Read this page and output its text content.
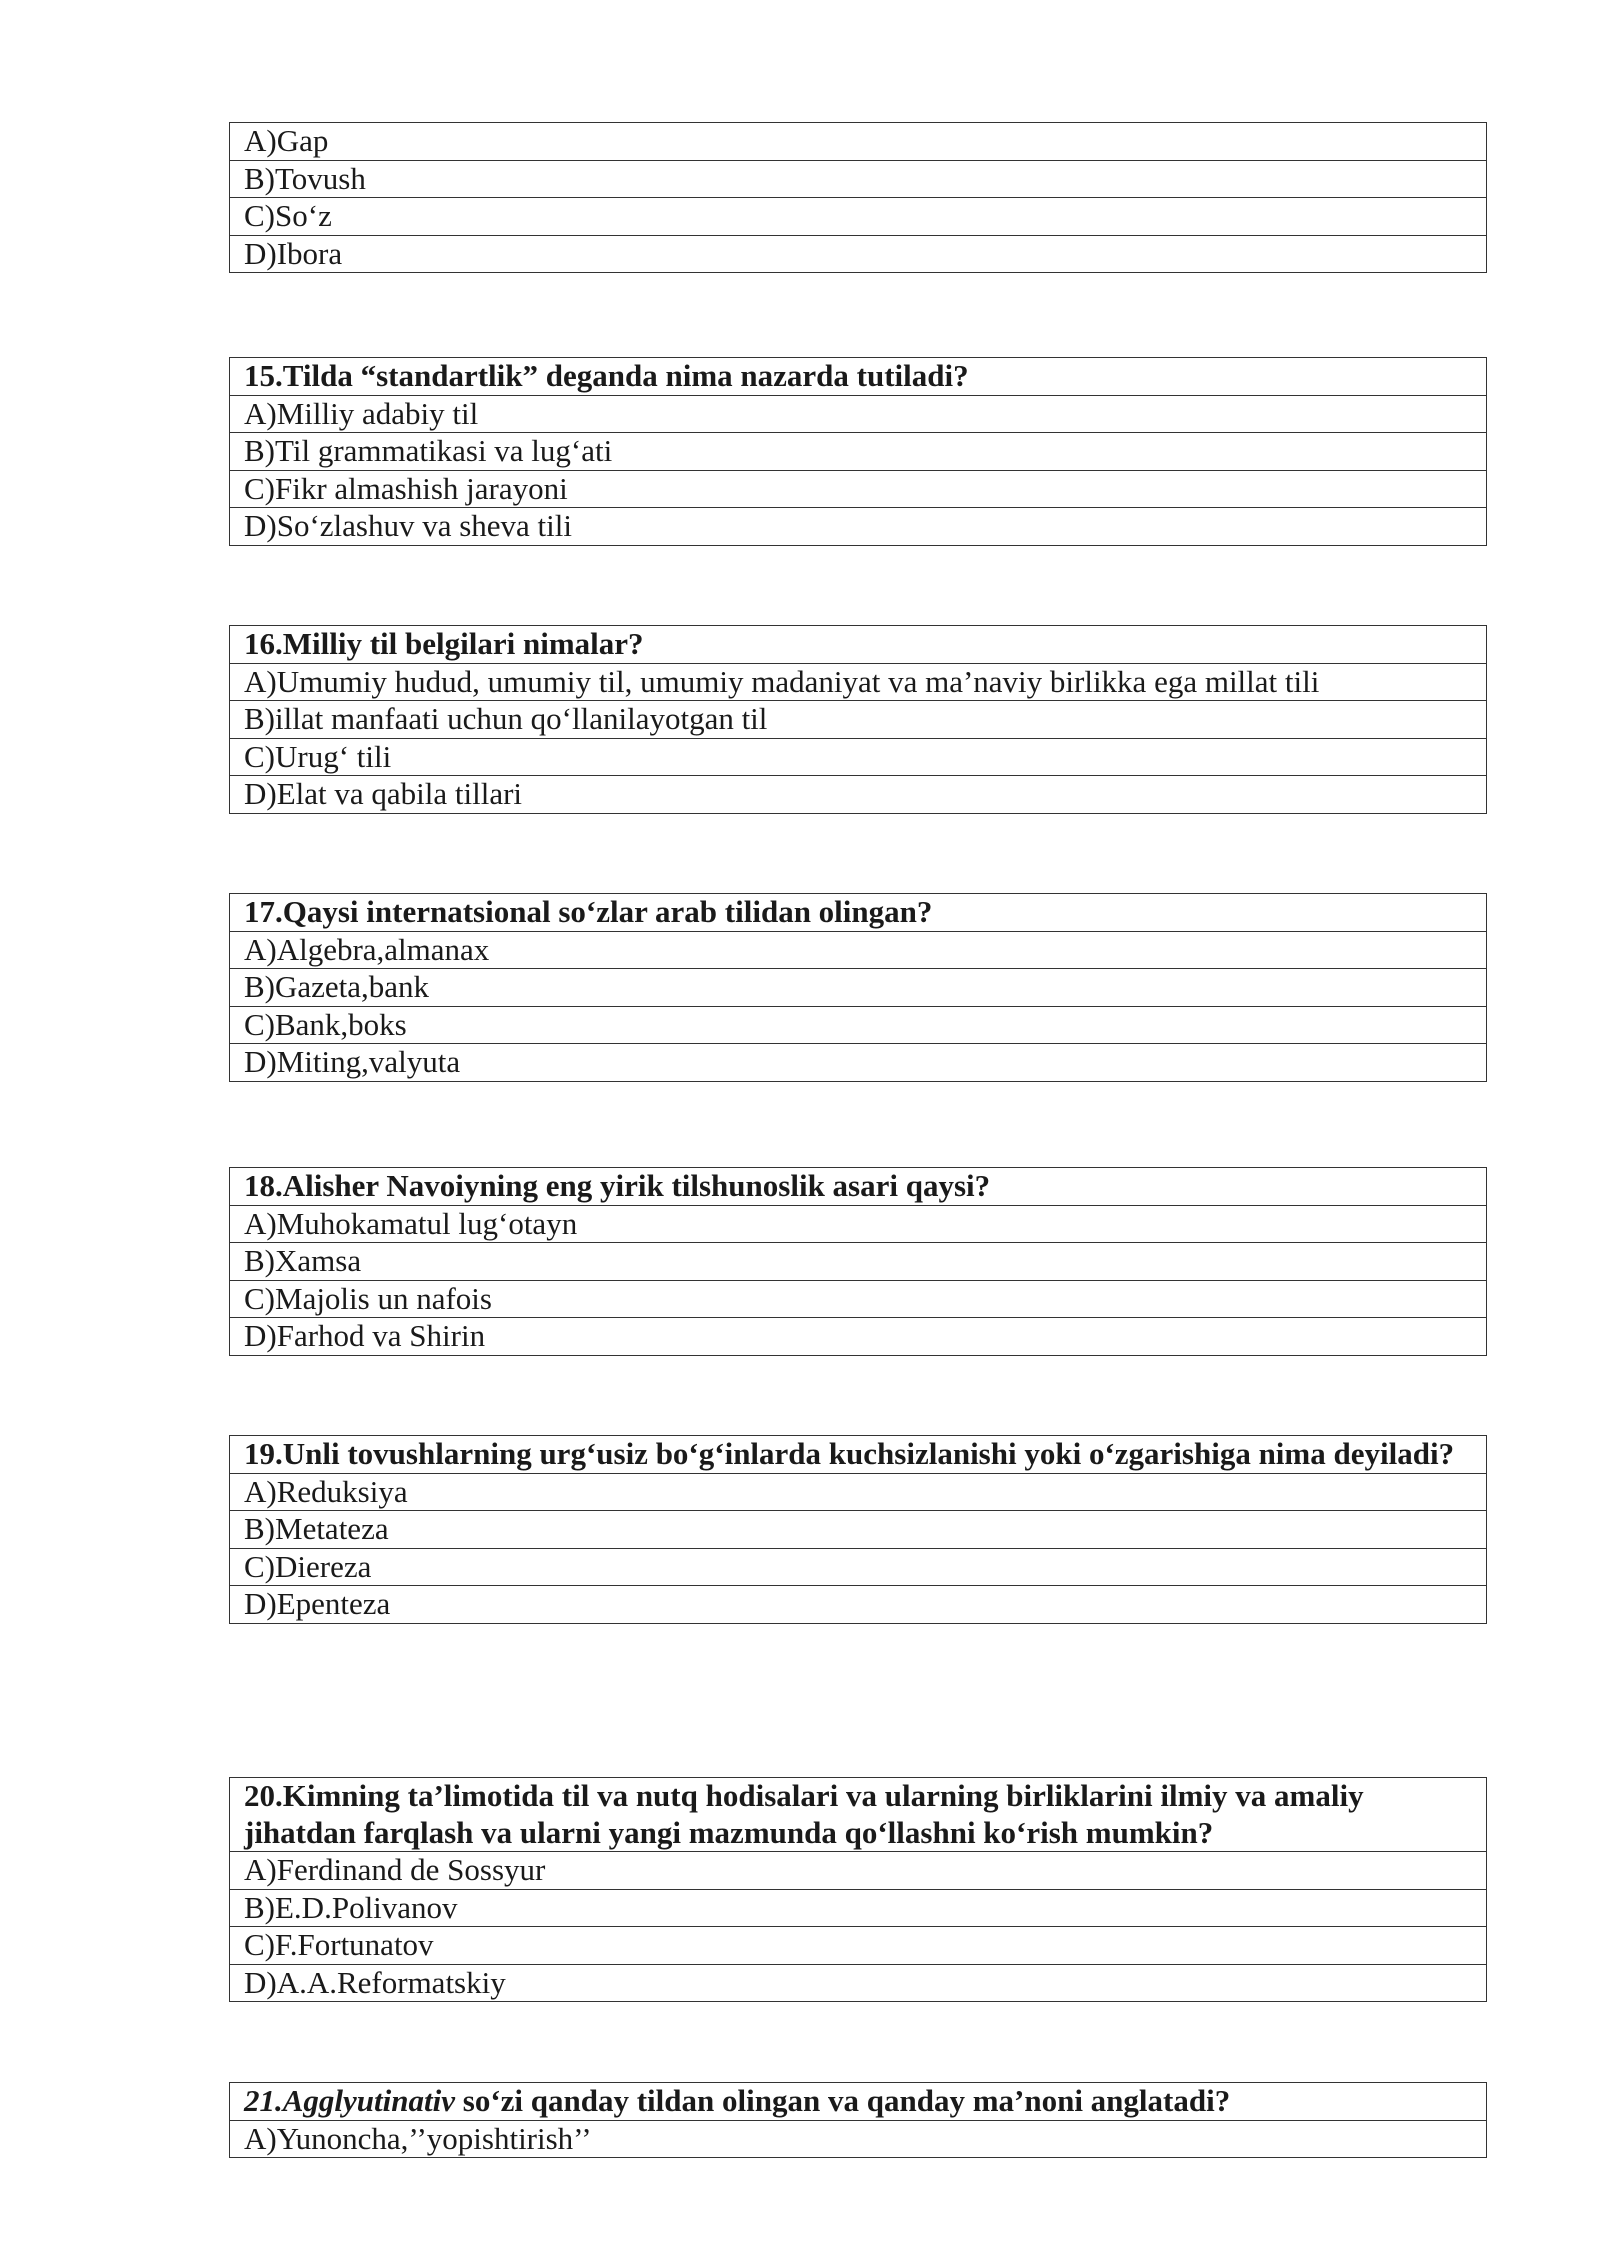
A)Gap
B)Tovush
C)So‘z
D)Ibora
15.Tilda “standartlik” deganda nima nazarda tutiladi?
A)Milliy adabiy til
B)Til grammatikasi va lug‘ati
C)Fikr almashish jarayoni
D)So‘zlashuv va sheva tili
16.Milliy til belgilari nimalar?
A)Umumiy hudud, umumiy til, umumiy madaniyat va ma’naviy birlikka ega millat tili
B)illat manfaati uchun qo‘llanilayotgan til
C)Urug‘ tili
D)Elat va qabila tillari
17.Qaysi internatsional so‘zlar arab tilidan olingan?
A)Algebra,almanax
B)Gazeta,bank
C)Bank,boks
D)Miting,valyuta
18.Alisher Navoiyning eng yirik tilshunoslik asari qaysi?
A)Muhokamatul lug‘otayn
B)Xamsa
C)Majolis un nafois
D)Farhod va Shirin
19.Unli tovushlarning urg‘usiz bo‘g‘inlarda kuchsizlanishi yoki o‘zgarishiga nima deyiladi?
A)Reduksiya
B)Metateza
C)Diereza
D)Epenteza
20.Kimning ta’limotida til va nutq hodisalari va ularning birliklarini ilmiy va amaliy jihatdan farqlash va ularni yangi mazmunda qo‘llashni ko‘rish mumkin?
A)Ferdinand de Sossyur
B)E.D.Polivanov
C)F.Fortunatov
D)A.A.Reformatskiy
21.Agglyutinativ so‘zi qanday tildan olingan va qanday ma’noni anglatadi?
A)Yunoncha,’’yopishtirish’’
